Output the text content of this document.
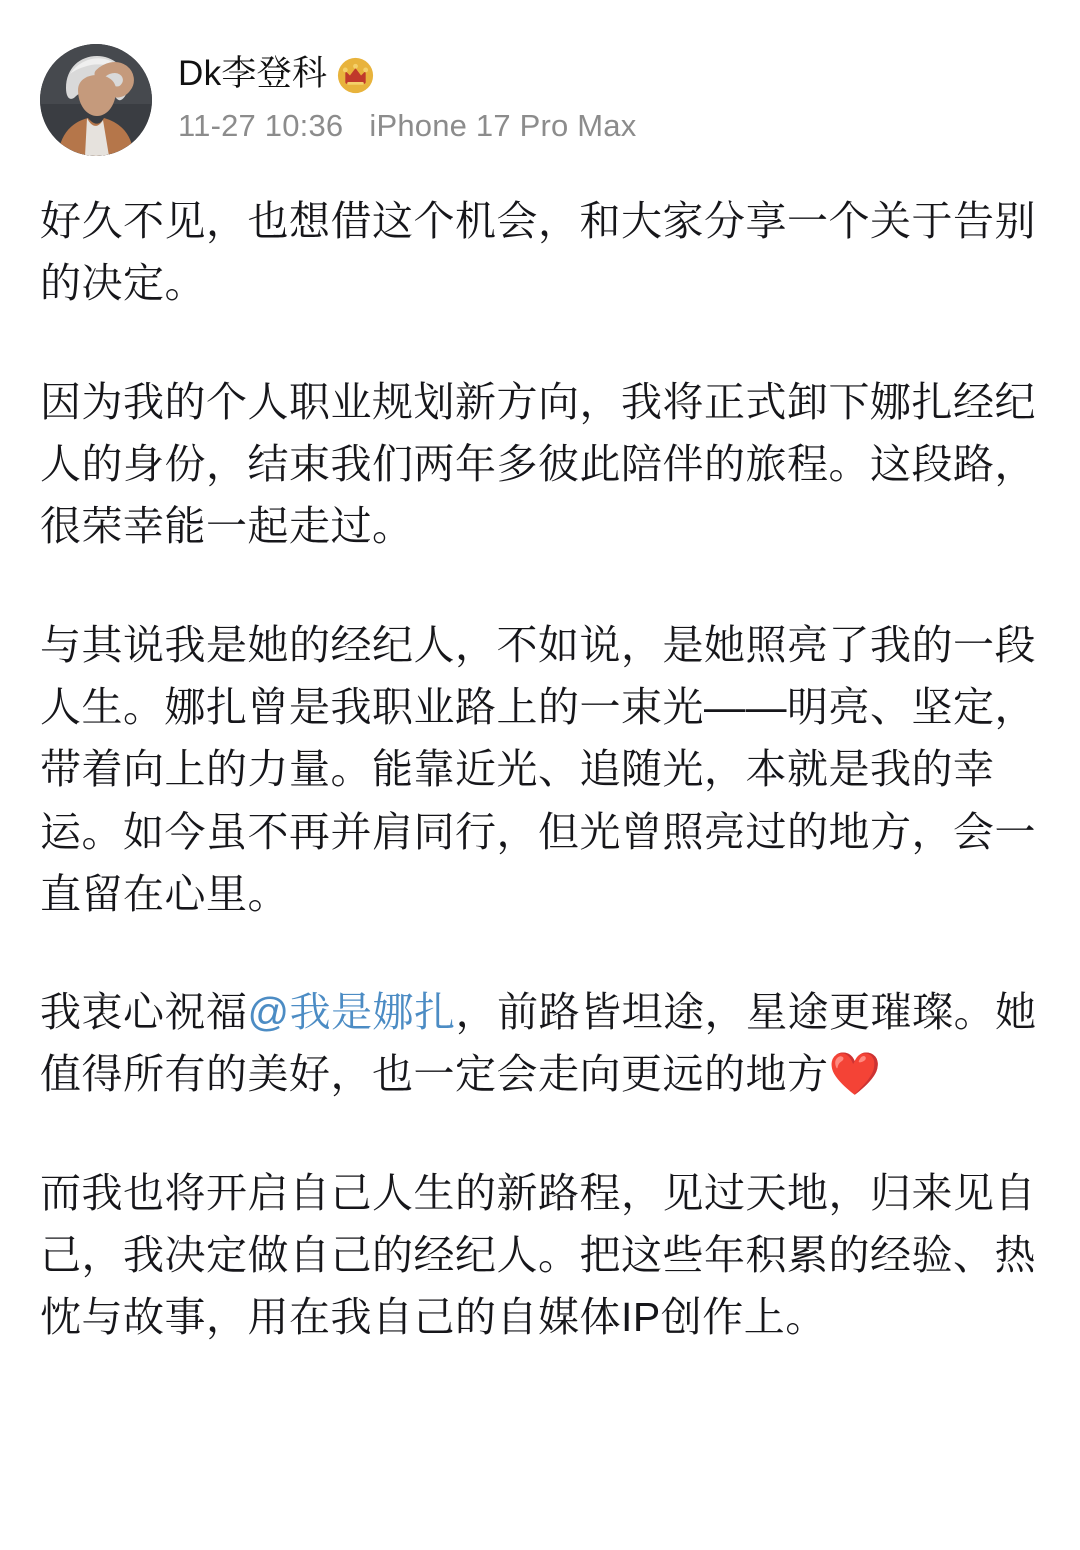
Dk李登科
11-27 10:36 iPhone 17 Pro Max

好久不见，也想借这个机会，和大家分享一个关于告别的决定。

因为我的个人职业规划新方向，我将正式卸下娜扎经纪人的身份，结束我们两年多彼此陪伴的旅程。这段路，很荣幸能一起走过。

与其说我是她的经纪人，不如说，是她照亮了我的一段人生。娜扎曾是我职业路上的一束光——明亮、坚定，带着向上的力量。能靠近光、追随光，本就是我的幸运。如今虽不再并肩同行，但光曾照亮过的地方，会一直留在心里。

我衷心祝福@我是娜扎，前路皆坦途，星途更璀璨。她值得所有的美好，也一定会走向更远的地方❤️

而我也将开启自己人生的新路程，见过天地，归来见自己，我决定做自己的经纪人。把这些年积累的经验、热忱与故事，用在我自己的自媒体IP创作上。
